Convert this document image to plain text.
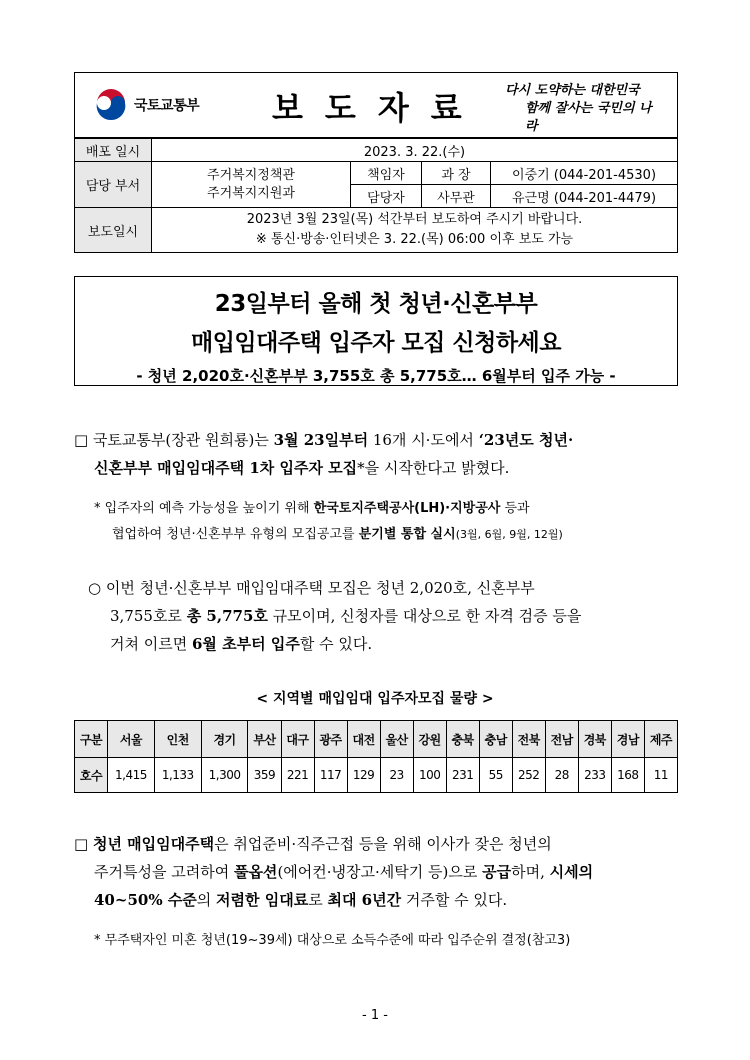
국토교통부 보도자료 다시 도약하는 대한민국
함께 잘사는 국민의 나라
배포 일시	2023. 3. 22.(수)			
담당 부서	주거복지정책관
주거복지지원과	책임자	과 장	이중기 (044-201-4530)
		담당자	사무관	유근명 (044-201-4479)
보도일시	2023년 3월 23일(목) 석간부터 보도하여 주시기 바랍니다.
※ 통신·방송·인터넷은 3. 22.(목) 06:00 이후 보도 가능			
23일부터 올해 첫 청년·신혼부부
매입임대주택 입주자 모집 신청하세요
- 청년 2,020호·신혼부부 3,755호 총 5,775호… 6월부터 입주 가능 -
□ 국토교통부(장관 원희룡)는 3월 23일부터 16개 시·도에서 ‘23년도 청년·
신혼부부 매입임대주택 1차 입주자 모집*을 시작한다고 밝혔다.
* 입주자의 예측 가능성을 높이기 위해 한국토지주택공사(LH)·지방공사 등과
협업하여 청년·신혼부부 유형의 모집공고를 분기별 통합 실시(3월, 6월, 9월, 12월)
○ 이번 청년·신혼부부 매입임대주택 모집은 청년 2,020호, 신혼부부
3,755호로 총 5,775호 규모이며, 신청자를 대상으로 한 자격 검증 등을
거쳐 이르면 6월 초부터 입주할 수 있다.
< 지역별 매입임대 입주자모집 물량 >
구분	서울	인천	경기	부산	대구	광주	대전	울산	강원	충북	충남	전북	전남	경북	경남	제주
호수	1,415	1,133	1,300	359	221	117	129	23	100	231	55	252	28	233	168	11
□ 청년 매입임대주택은 취업준비·직주근접 등을 위해 이사가 잦은 청년의
주거특성을 고려하여 풀옵션(에어컨·냉장고·세탁기 등)으로 공급하며, 시세의
40~50% 수준의 저렴한 임대료로 최대 6년간 거주할 수 있다.
* 무주택자인 미혼 청년(19~39세) 대상으로 소득수준에 따라 입주순위 결정(참고3)
- 1 -
